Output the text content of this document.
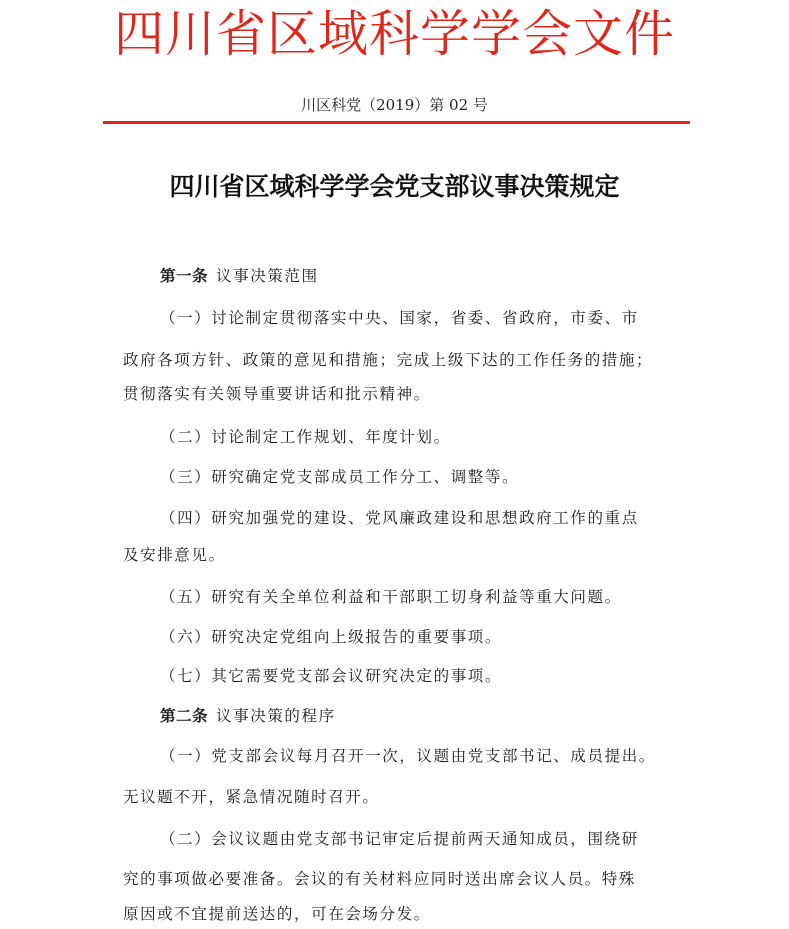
四川省区域科学学会文件
川区科党（2019）第 02 号
四川省区域科学学会党支部议事决策规定
第一条 议事决策范围
（一）讨论制定贯彻落实中央、国家，省委、省政府，市委、市
政府各项方针、政策的意见和措施；完成上级下达的工作任务的措施；
贯彻落实有关领导重要讲话和批示精神。
（二）讨论制定工作规划、年度计划。
（三）研究确定党支部成员工作分工、调整等。
（四）研究加强党的建设、党风廉政建设和思想政府工作的重点
及安排意见。
（五）研究有关全单位利益和干部职工切身利益等重大问题。
（六）研究决定党组向上级报告的重要事项。
（七）其它需要党支部会议研究决定的事项。
第二条 议事决策的程序
（一）党支部会议每月召开一次，议题由党支部书记、成员提出。
无议题不开，紧急情况随时召开。
（二）会议议题由党支部书记审定后提前两天通知成员，围绕研
究的事项做必要准备。会议的有关材料应同时送出席会议人员。特殊
原因或不宜提前送达的，可在会场分发。
